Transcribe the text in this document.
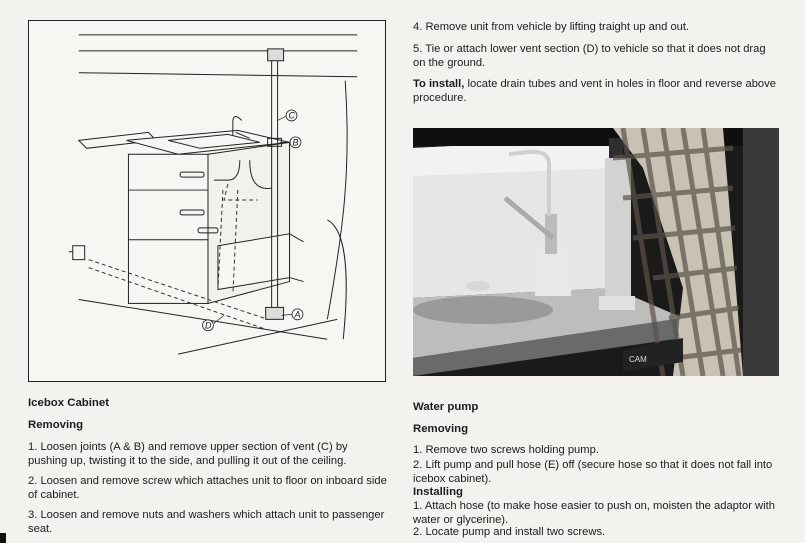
C
B
A
D

4. Remove unit from vehicle by lifting traight up and out.

5. Tie or attach lower vent section (D) to vehicle so that it does not drag on the ground.

To install, locate drain tubes and vent in holes in floor and reverse above procedure.

CAM
Icebox Cabinet
Removing

1. Loosen joints (A & B) and remove upper section of vent (C) by pushing up, twisting it to the side, and pulling it out of the ceiling.

2. Loosen and remove screw which attaches unit to floor on inboard side of cabinet.

3. Loosen and remove nuts and washers which attach unit to passenger seat.

Water pump
Removing

1. Remove two screws holding pump.

2. Lift pump and pull hose (E) off (secure hose so that it does not fall into icebox cabinet).

Installing

1. Attach hose (to make hose easier to push on, moisten the adaptor with water or glycerine).

2. Locate pump and install two screws.
